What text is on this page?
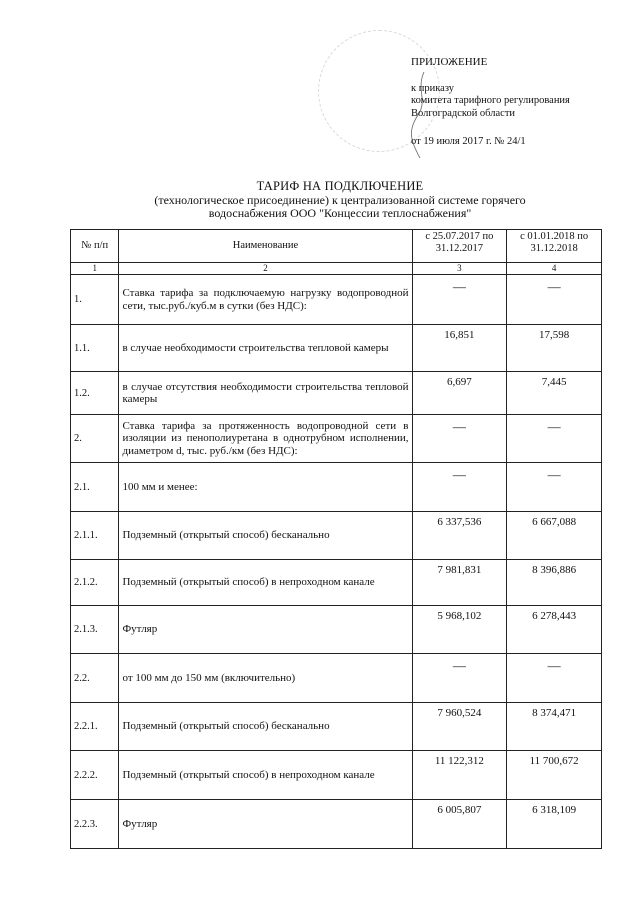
ПРИЛОЖЕНИЕ
к приказу
комитета тарифного регулирования
Волгоградской области
от 19 июля 2017 г. № 24/1
ТАРИФ НА ПОДКЛЮЧЕНИЕ
(технологическое присоединение) к централизованной системе горячего
водоснабжения ООО "Концессии теплоснабжения"
№ п/п	Наименование	с 25.07.2017 по 31.12.2017	с 01.01.2018 по 31.12.2018
1	2	3	4
1.	Ставка тарифа за подключаемую нагрузку водопроводной сети, тыс.руб./куб.м в сутки (без НДС):	—	—
1.1.	в случае необходимости строительства тепловой камеры	16,851	17,598
1.2.	в случае отсутствия необходимости строительства тепловой камеры	6,697	7,445
2.	Ставка тарифа за протяженность водопроводной сети в изоляции из пенополиуретана в однотрубном исполнении, диаметром d, тыс. руб./км (без НДС):	—	—
2.1.	100 мм и менее:	—	—
2.1.1.	Подземный (открытый способ) бесканально	6 337,536	6 667,088
2.1.2.	Подземный (открытый способ) в непроходном канале	7 981,831	8 396,886
2.1.3.	Футляр	5 968,102	6 278,443
2.2.	от 100 мм до 150 мм (включительно)	—	—
2.2.1.	Подземный (открытый способ) бесканально	7 960,524	8 374,471
2.2.2.	Подземный (открытый способ) в непроходном канале	11 122,312	11 700,672
2.2.3.	Футляр	6 005,807	6 318,109
